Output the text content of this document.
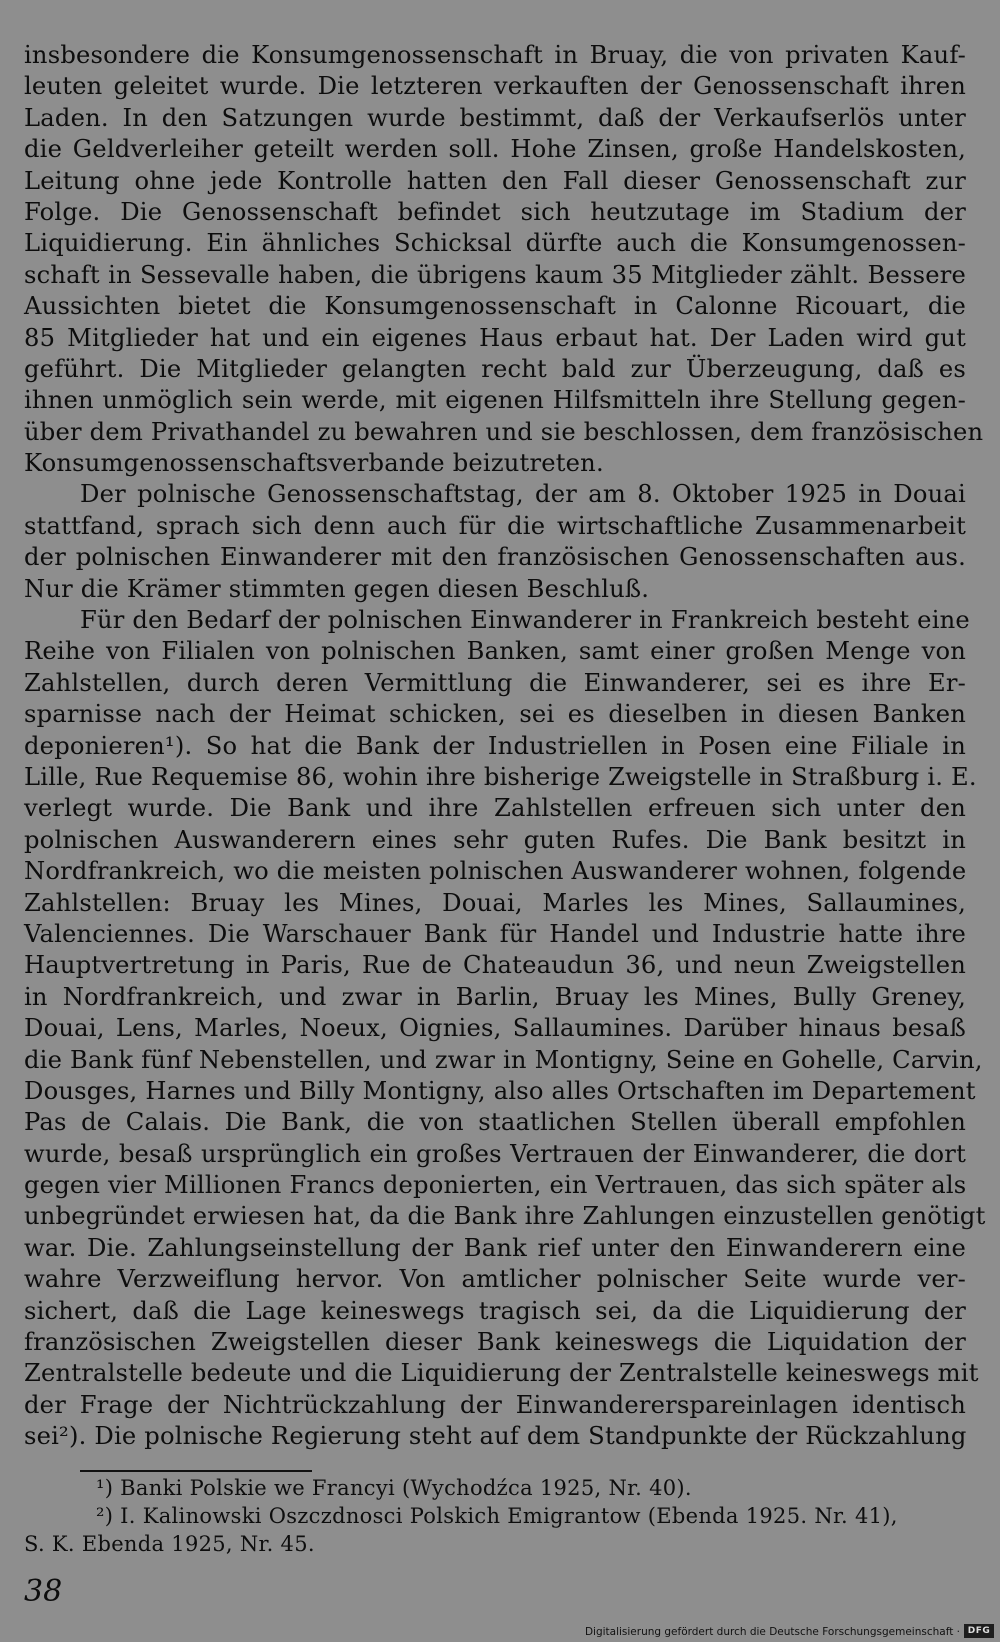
insbesondere die Konsumgenossenschaft in Bruay, die von privaten Kauf-
leuten geleitet wurde. Die letzteren verkauften der Genossenschaft ihren
Laden. In den Satzungen wurde bestimmt, daß der Verkaufserlös unter
die Geldverleiher geteilt werden soll. Hohe Zinsen, große Handelskosten,
Leitung ohne jede Kontrolle hatten den Fall dieser Genossenschaft zur
Folge. Die Genossenschaft befindet sich heutzutage im Stadium der
Liquidierung. Ein ähnliches Schicksal dürfte auch die Konsumgenossen-
schaft in Sessevalle haben, die übrigens kaum 35 Mitglieder zählt. Bessere
Aussichten bietet die Konsumgenossenschaft in Calonne Ricouart, die
85 Mitglieder hat und ein eigenes Haus erbaut hat. Der Laden wird gut
geführt. Die Mitglieder gelangten recht bald zur Überzeugung, daß es
ihnen unmöglich sein werde, mit eigenen Hilfsmitteln ihre Stellung gegen-
über dem Privathandel zu bewahren und sie beschlossen, dem französischen
Konsumgenossenschaftsverbande beizutreten.
Der polnische Genossenschaftstag, der am 8. Oktober 1925 in Douai
stattfand, sprach sich denn auch für die wirtschaftliche Zusammenarbeit
der polnischen Einwanderer mit den französischen Genossenschaften aus.
Nur die Krämer stimmten gegen diesen Beschluß.
Für den Bedarf der polnischen Einwanderer in Frankreich besteht eine
Reihe von Filialen von polnischen Banken, samt einer großen Menge von
Zahlstellen, durch deren Vermittlung die Einwanderer, sei es ihre Er-
sparnisse nach der Heimat schicken, sei es dieselben in diesen Banken
deponieren¹). So hat die Bank der Industriellen in Posen eine Filiale in
Lille, Rue Requemise 86, wohin ihre bisherige Zweigstelle in Straßburg i. E.
verlegt wurde. Die Bank und ihre Zahlstellen erfreuen sich unter den
polnischen Auswanderern eines sehr guten Rufes. Die Bank besitzt in
Nordfrankreich, wo die meisten polnischen Auswanderer wohnen, folgende
Zahlstellen: Bruay les Mines, Douai, Marles les Mines, Sallaumines,
Valenciennes. Die Warschauer Bank für Handel und Industrie hatte ihre
Hauptvertretung in Paris, Rue de Chateaudun 36, und neun Zweigstellen
in Nordfrankreich, und zwar in Barlin, Bruay les Mines, Bully Greney,
Douai, Lens, Marles, Noeux, Oignies, Sallaumines. Darüber hinaus besaß
die Bank fünf Nebenstellen, und zwar in Montigny, Seine en Gohelle, Carvin,
Dousges, Harnes und Billy Montigny, also alles Ortschaften im Departement
Pas de Calais. Die Bank, die von staatlichen Stellen überall empfohlen
wurde, besaß ursprünglich ein großes Vertrauen der Einwanderer, die dort
gegen vier Millionen Francs deponierten, ein Vertrauen, das sich später als
unbegründet erwiesen hat, da die Bank ihre Zahlungen einzustellen genötigt
war. Die. Zahlungseinstellung der Bank rief unter den Einwanderern eine
wahre Verzweiflung hervor. Von amtlicher polnischer Seite wurde ver-
sichert, daß die Lage keineswegs tragisch sei, da die Liquidierung der
französischen Zweigstellen dieser Bank keineswegs die Liquidation der
Zentralstelle bedeute und die Liquidierung der Zentralstelle keineswegs mit
der Frage der Nichtrückzahlung der Einwandererspareinlagen identisch
sei²). Die polnische Regierung steht auf dem Standpunkte der Rückzahlung
¹) Banki Polskie we Francyi (Wychodźca 1925, Nr. 40).
²) I. Kalinowski Oszczdnosci Polskich Emigrantow (Ebenda 1925. Nr. 41),
S. K. Ebenda 1925, Nr. 45.
38
Digitalisierung gefördert durch die Deutsche Forschungsgemeinschaft · DFG
